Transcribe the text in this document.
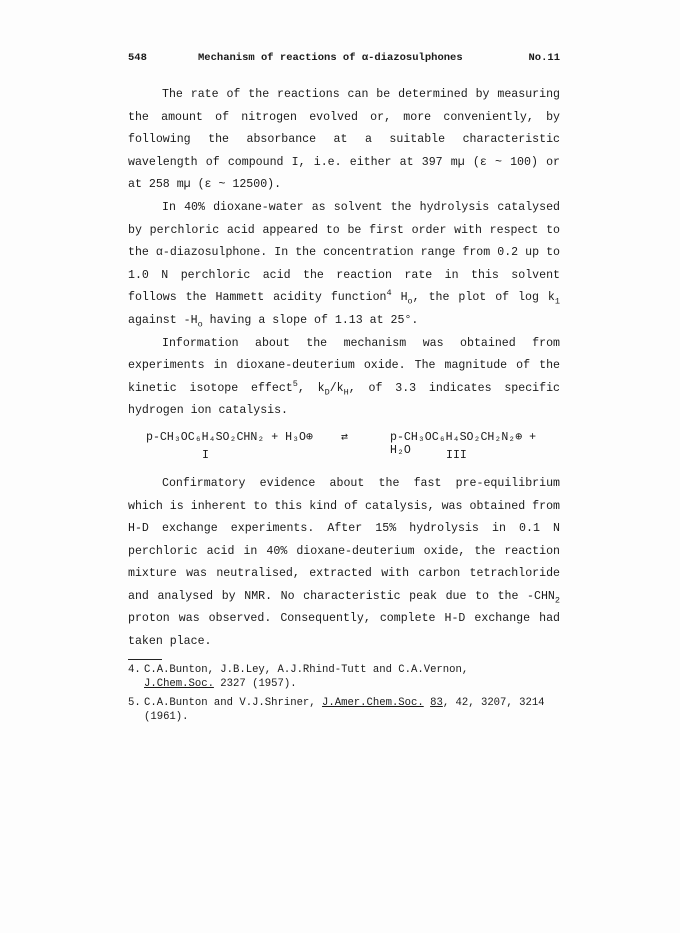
548	Mechanism of reactions of α-diazosulphones	No.11

The rate of the reactions can be determined by measuring the amount of nitrogen evolved or, more conveniently, by following the absorbance at a suitable characteristic wavelength of compound I, i.e. either at 397 mµ (ε ~ 100) or at 258 mµ (ε ~ 12500).

In 40% dioxane-water as solvent the hydrolysis catalysed by perchloric acid appeared to be first order with respect to the α-diazosulphone. In the concentration range from 0.2 up to 1.0 N perchloric acid the reaction rate in this solvent follows the Hammett acidity function$^4$ $H_o$, the plot of $\log k_1$ against $-H_o$ having a slope of 1.13 at 25°.

Information about the mechanism was obtained from experiments in dioxane-deuterium oxide. The magnitude of the kinetic isotope effect$^5$, $k_D/k_H$, of 3.3 indicates specific hydrogen ion catalysis.

p-CH₃OC₆H₄SO₂CHN₂ + H₃O⊕ ⇄	p-CH₃OC₆H₄SO₂CH₂N₂⊕ + H₂O
I	III

Confirmatory evidence about the fast pre-equilibrium which is inherent to this kind of catalysis, was obtained from H-D exchange experiments. After 15% hydrolysis in 0.1 N perchloric acid in 40% dioxane-deuterium oxide, the reaction mixture was neutralised, extracted with carbon tetrachloride and analysed by NMR. No characteristic peak due to the $-CHN_2$ proton was observed. Consequently, complete H-D exchange had taken place.

4. C.A.Bunton, J.B.Ley, A.J.Rhind-Tutt and C.A.Vernon,
J.Chem.Soc. 2327 (1957).
5. C.A.Bunton and V.J.Shriner, J.Amer.Chem.Soc. 83, 42, 3207, 3214 (1961).
